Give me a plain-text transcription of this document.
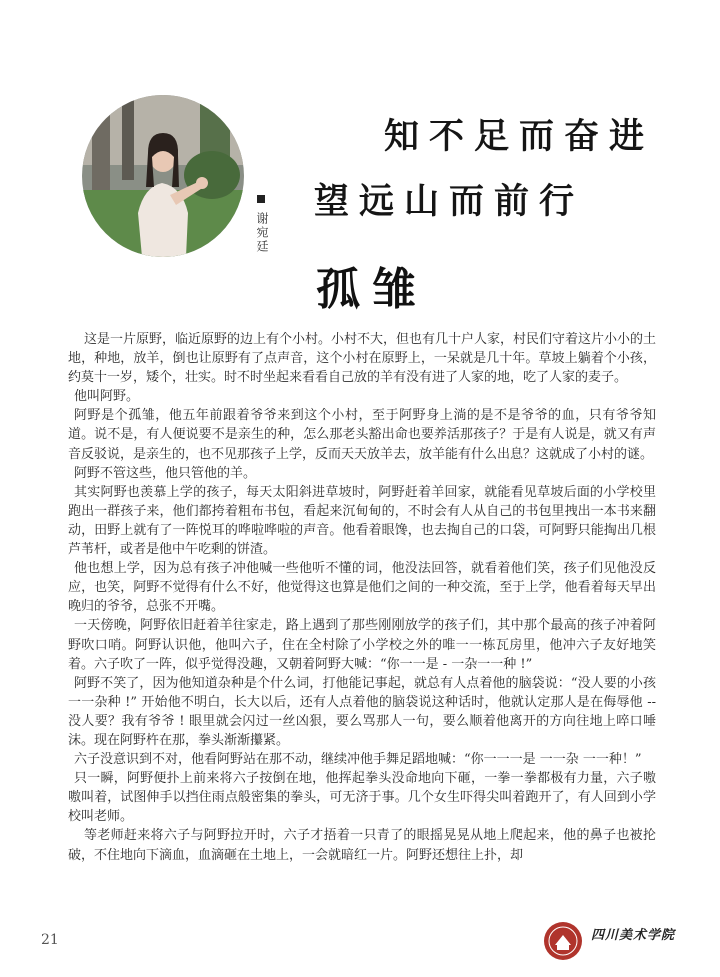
谢宛廷
知不足而奋进
望远山而前行
孤雏

这是一片原野，临近原野的边上有个小村。小村不大，但也有几十户人家，村民们守着这片小小的土地，种地，放羊，倒也让原野有了点声音，这个小村在原野上，一呆就是几十年。草坡上躺着个小孩，约莫十一岁，矮个，壮实。时不时坐起来看看自己放的羊有没有进了人家的地，吃了人家的麦子。

他叫阿野。

阿野是个孤雏，他五年前跟着爷爷来到这个小村，至于阿野身上淌的是不是爷爷的血，只有爷爷知道。说不是，有人便说要不是亲生的种，怎么那老头豁出命也要养活那孩子？于是有人说是，就又有声音反驳说，是亲生的，也不见那孩子上学，反而天天放羊去，放羊能有什么出息？这就成了小村的谜。

阿野不管这些，他只管他的羊。

其实阿野也羡慕上学的孩子，每天太阳斜进草坡时，阿野赶着羊回家，就能看见草坡后面的小学校里跑出一群孩子来，他们都挎着粗布书包，看起来沉甸甸的，不时会有人从自己的书包里拽出一本书来翻动，田野上就有了一阵悦耳的哗啦哗啦的声音。他看着眼馋，也去掏自己的口袋，可阿野只能掏出几根芦苇杆，或者是他中午吃剩的饼渣。

他也想上学，因为总有孩子冲他喊一些他听不懂的词，他没法回答，就看着他们笑，孩子们见他没反应，也笑，阿野不觉得有什么不好，他觉得这也算是他们之间的一种交流，至于上学，他看着每天早出晚归的爷爷，总张不开嘴。

一天傍晚，阿野依旧赶着羊往家走，路上遇到了那些刚刚放学的孩子们，其中那个最高的孩子冲着阿野吹口哨。阿野认识他，他叫六子，住在全村除了小学校之外的唯一一栋瓦房里，他冲六子友好地笑着。六子吹了一阵，似乎觉得没趣，又朝着阿野大喊：“你一一是 - 一杂一一种 !”

阿野不笑了，因为他知道杂种是个什么词，打他能记事起，就总有人点着他的脑袋说：“没人要的小孩一一杂种 !” 开始他不明白，长大以后，还有人点着他的脑袋说这种话时，他就认定那人是在侮辱他 -- 没人要？我有爷爷 ! 眼里就会闪过一丝凶狠，要么骂那人一句，要么顺着他离开的方向往地上啐口唾沫。现在阿野杵在那，拳头渐渐攥紧。

六子没意识到不对，他看阿野站在那不动，继续冲他手舞足蹈地喊：“你一一一是 一一杂 一一种！”

只一瞬，阿野便扑上前来将六子按倒在地，他挥起拳头没命地向下砸，一拳一拳都极有力量，六子嗷嗷叫着，试图伸手以挡住雨点般密集的拳头，可无济于事。几个女生吓得尖叫着跑开了，有人回到小学校叫老师。

等老师赶来将六子与阿野拉开时，六子才捂着一只青了的眼摇晃晃从地上爬起来，他的鼻子也被抡破，不住地向下滴血，血滴砸在土地上，一会就暗红一片。阿野还想往上扑，却

21	四川美术学院
